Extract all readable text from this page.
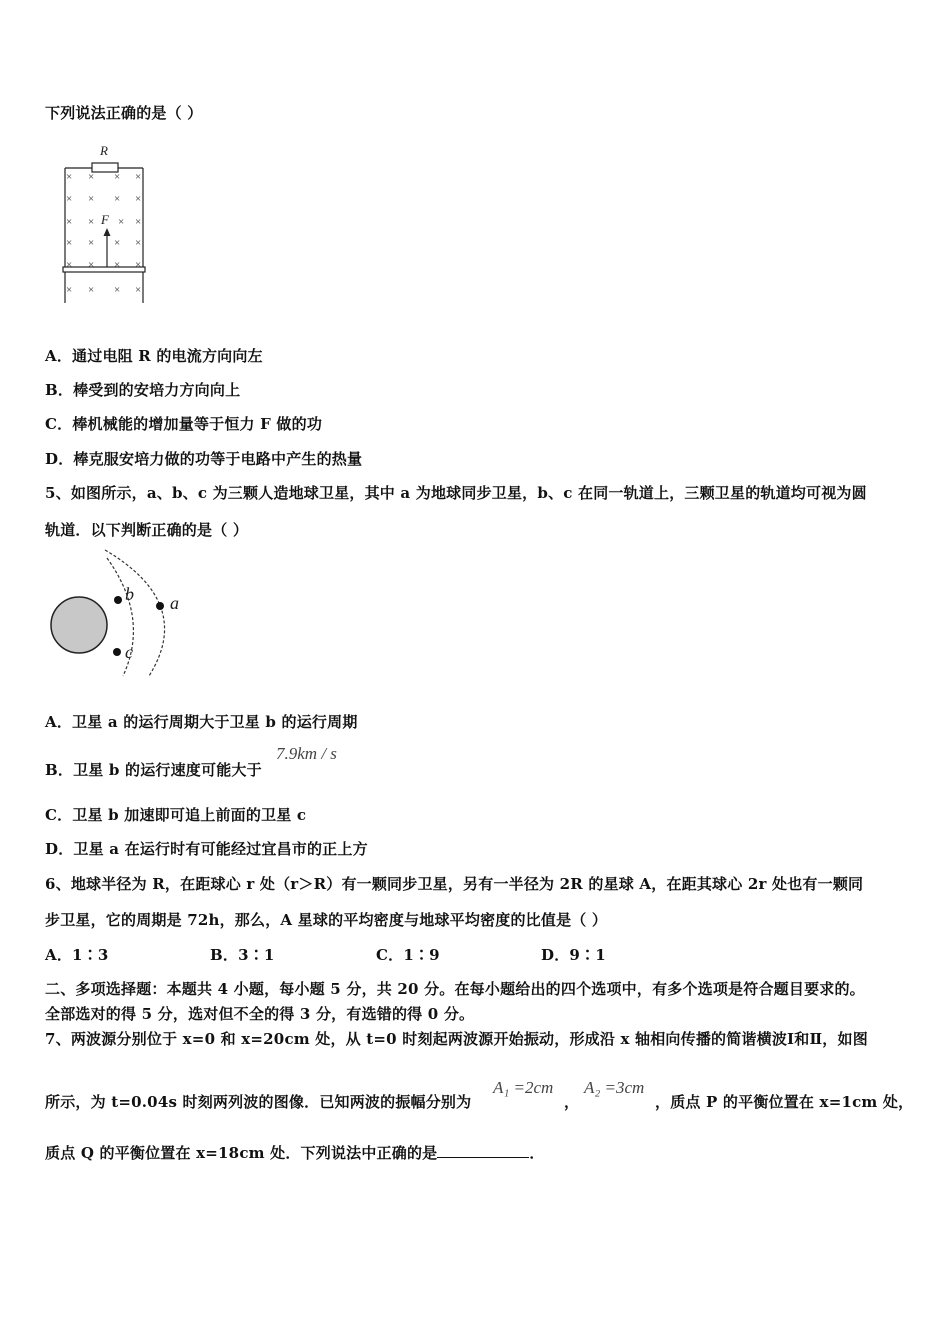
下列说法正确的是（ ）
R
F
× × × ×
× × × ×
× × × ×
× × × ×
× × × ×
× × × ×
A．通过电阻 R 的电流方向向左
B．棒受到的安培力方向向上
C．棒机械能的增加量等于恒力 F 做的功
D．棒克服安培力做的功等于电路中产生的热量
5、如图所示，a、b、c 为三颗人造地球卫星，其中 a 为地球同步卫星，b、c 在同一轨道上，三颗卫星的轨道均可视为圆
轨道．以下判断正确的是（ ）
b
c
a
A．卫星 a 的运行周期大于卫星 b 的运行周期
B．卫星 b 的运行速度可能大于
7.9km / s
C．卫星 b 加速即可追上前面的卫星 c
D．卫星 a 在运行时有可能经过宜昌市的正上方
6、地球半径为 R，在距球心 r 处（r＞R）有一颗同步卫星，另有一半径为 2R 的星球 A，在距其球心 2r 处也有一颗同
步卫星，它的周期是 72h，那么，A 星球的平均密度与地球平均密度的比值是（ ）
A．1∶3	B．3∶1	C．1∶9	D．9∶1
二、多项选择题：本题共 4 小题，每小题 5 分，共 20 分。在每小题给出的四个选项中，有多个选项是符合题目要求的。
全部选对的得 5 分，选对但不全的得 3 分，有选错的得 0 分。
7、两波源分别位于 x=0 和 x=20cm 处，从 t=0 时刻起两波源开始振动，形成沿 x 轴相向传播的简谐横波Ⅰ和Ⅱ，如图
所示，为 t=0.04s 时刻两列波的图像．已知两波的振幅分别为
A₁ =2cm
，
A₂ =3cm
，质点 P 的平衡位置在 x=1cm 处，
质点 Q 的平衡位置在 x=18cm 处．下列说法中正确的是	．
